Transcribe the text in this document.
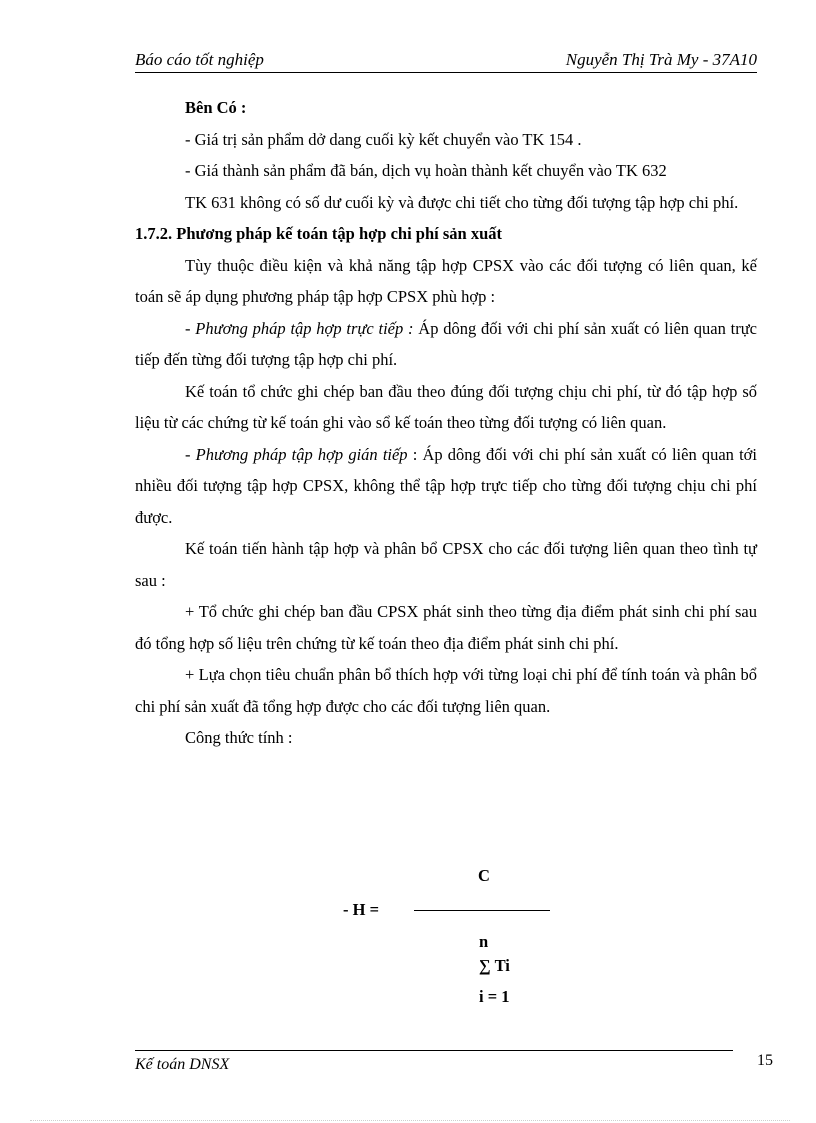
Báo cáo tốt nghiệp	Nguyễn Thị Trà My - 37A10

Bên Có :

- Giá trị sản phẩm dở dang cuối kỳ kết chuyển vào TK 154 .

- Giá thành sản phẩm đã bán, dịch vụ hoàn thành kết chuyển vào TK 632

TK 631 không có số dư cuối kỳ và được chi tiết cho từng đối tượng tập hợp chi phí.

1.7.2. Phương pháp kế toán tập hợp chi phí sản xuất

Tùy thuộc điều kiện và khả năng tập hợp CPSX vào các đối tượng có liên quan, kế toán sẽ áp dụng phương pháp tập hợp CPSX phù hợp :

- Phương pháp tập hợp trực tiếp : Áp dông đối với chi phí sản xuất có liên quan trực tiếp đến từng đối tượng tập hợp chi phí.

Kế toán tổ chức ghi chép ban đầu theo đúng đối tượng chịu chi phí, từ đó tập hợp số liệu từ các chứng từ kế toán ghi vào sổ kế toán theo từng đối tượng có liên quan.

- Phương pháp tập hợp gián tiếp : Áp dông đối với chi phí sản xuất có liên quan tới nhiều đối tượng tập hợp CPSX, không thể tập hợp trực tiếp cho từng đối tượng chịu chi phí được.

Kế toán tiến hành tập hợp và phân bổ CPSX cho các đối tượng liên quan theo tình tự sau :

+ Tổ chức ghi chép ban đầu CPSX phát sinh theo từng địa điểm phát sinh chi phí sau đó tổng hợp số liệu trên chứng từ kế toán theo địa điểm phát sinh chi phí.

+ Lựa chọn tiêu chuẩn phân bổ thích hợp với từng loại chi phí để tính toán và phân bổ chi phí sản xuất đã tổng hợp được cho các đối tượng liên quan.

Công thức tính :

C
- H =
n
∑ Ti
i = 1
Kế toán DNSX	15
